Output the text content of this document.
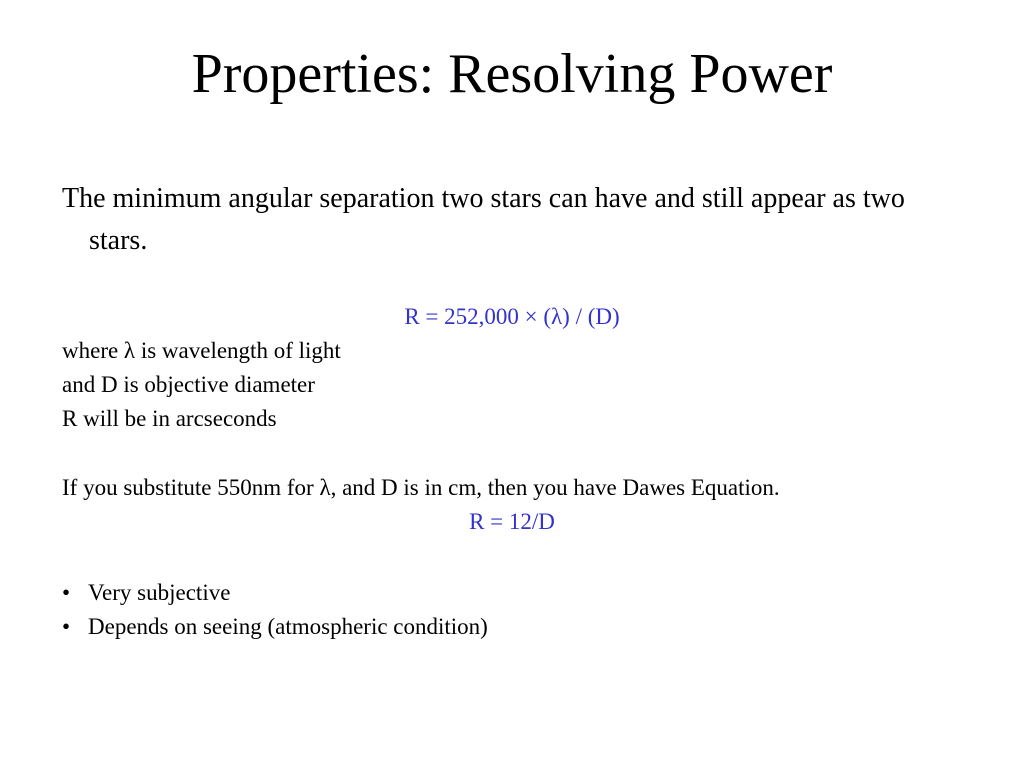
Properties: Resolving Power

The minimum angular separation two stars can have and still appear as two stars.

R = 252,000 × (λ) / (D)

where λ is wavelength of light

and D is objective diameter

R will be in arcseconds

If you substitute 550nm for λ, and D is in cm, then you have Dawes Equation.

R = 12/D

• Very subjective
• Depends on seeing (atmospheric condition)
